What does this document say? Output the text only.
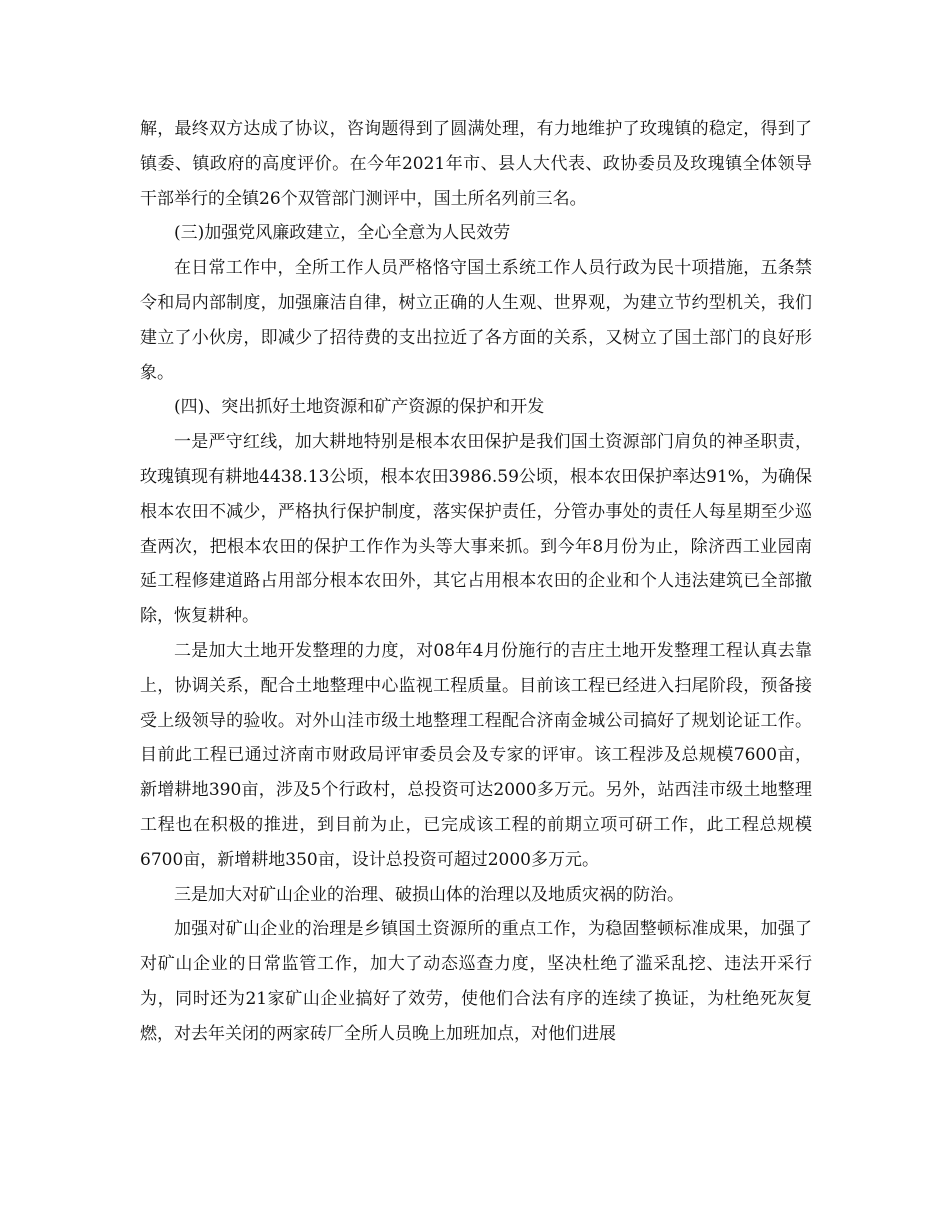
解，最终双方达成了协议，咨询题得到了圆满处理，有力地维护了玫瑰镇的稳定，得到了镇委、镇政府的高度评价。在今年2021年市、县人大代表、政协委员及玫瑰镇全体领导干部举行的全镇26个双管部门测评中，国土所名列前三名。

(三)加强党风廉政建立，全心全意为人民效劳

在日常工作中，全所工作人员严格恪守国土系统工作人员行政为民十项措施，五条禁令和局内部制度，加强廉洁自律，树立正确的人生观、世界观，为建立节约型机关，我们建立了小伙房，即减少了招待费的支出拉近了各方面的关系，又树立了国土部门的良好形象。

(四)、突出抓好土地资源和矿产资源的保护和开发

一是严守红线，加大耕地特别是根本农田保护是我们国土资源部门肩负的神圣职责，玫瑰镇现有耕地4438.13公顷，根本农田3986.59公顷，根本农田保护率达91%，为确保根本农田不减少，严格执行保护制度，落实保护责任，分管办事处的责任人每星期至少巡查两次，把根本农田的保护工作作为头等大事来抓。到今年8月份为止，除济西工业园南延工程修建道路占用部分根本农田外，其它占用根本农田的企业和个人违法建筑已全部撤除，恢复耕种。

二是加大土地开发整理的力度，对08年4月份施行的吉庄土地开发整理工程认真去靠上，协调关系，配合土地整理中心监视工程质量。目前该工程已经进入扫尾阶段，预备接受上级领导的验收。对外山洼市级土地整理工程配合济南金城公司搞好了规划论证工作。目前此工程已通过济南市财政局评审委员会及专家的评审。该工程涉及总规模7600亩，新增耕地390亩，涉及5个行政村，总投资可达2000多万元。另外，站西洼市级土地整理工程也在积极的推进，到目前为止，已完成该工程的前期立项可研工作，此工程总规模6700亩，新增耕地350亩，设计总投资可超过2000多万元。

三是加大对矿山企业的治理、破损山体的治理以及地质灾祸的防治。

加强对矿山企业的治理是乡镇国土资源所的重点工作，为稳固整顿标准成果，加强了对矿山企业的日常监管工作，加大了动态巡查力度，坚决杜绝了滥采乱挖、违法开采行为，同时还为21家矿山企业搞好了效劳，使他们合法有序的连续了换证，为杜绝死灰复燃，对去年关闭的两家砖厂全所人员晚上加班加点，对他们进展
